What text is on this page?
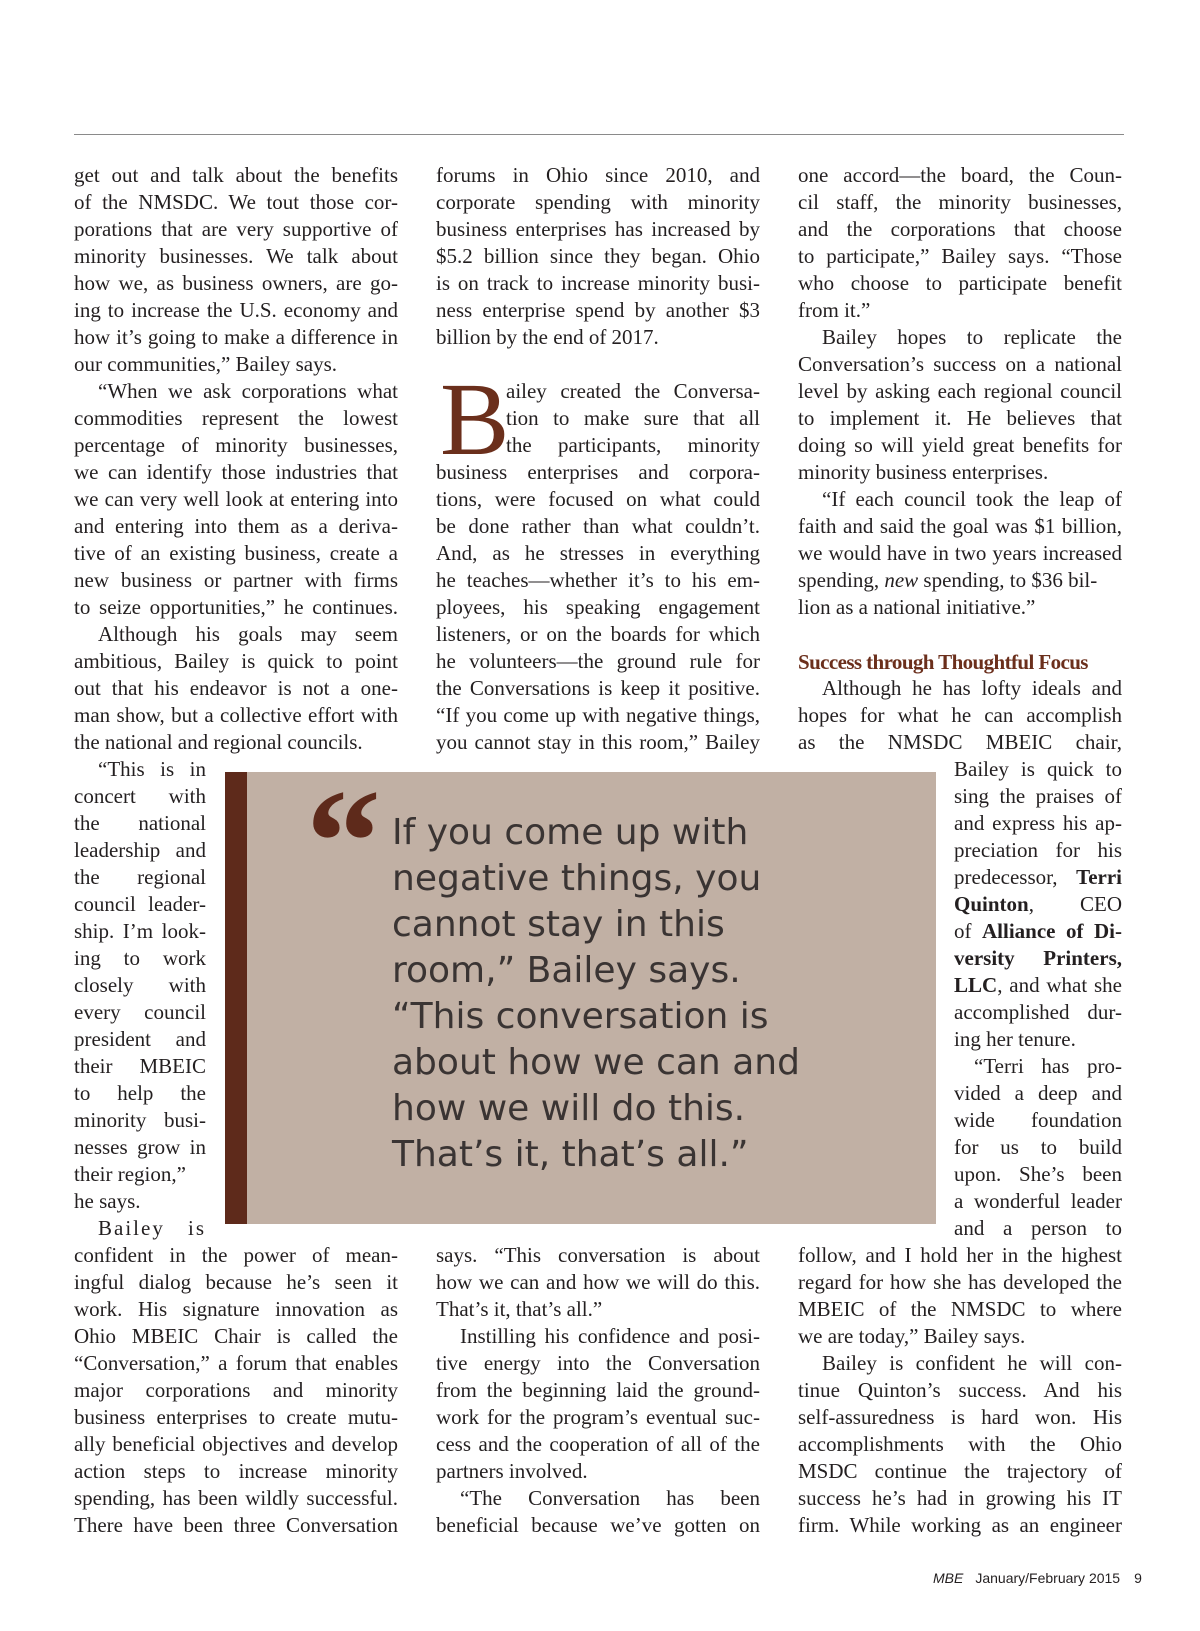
get out and talk about the benefits
of the NMSDC. We tout those cor-
porations that are very supportive of
minority businesses. We talk about
how we, as business owners, are go-
ing to increase the U.S. economy and
how it’s going to make a difference in
our communities,” Bailey says.
“When we ask corporations what
commodities represent the lowest
percentage of minority businesses,
we can identify those industries that
we can very well look at entering into
and entering into them as a deriva-
tive of an existing business, create a
new business or partner with firms
to seize opportunities,” he continues.
Although his goals may seem
ambitious, Bailey is quick to point
out that his endeavor is not a one-
man show, but a collective effort with
the national and regional councils.
“This is in
concert with
the national
leadership and
the regional
council leader-
ship. I’m look-
ing to work
closely with
every council
president and
their MBEIC
to help the
minority busi-
nesses grow in
their region,”
he says.
Bailey is
confident in the power of mean-
ingful dialog because he’s seen it
work. His signature innovation as
Ohio MBEIC Chair is called the
“Conversation,” a forum that enables
major corporations and minority
business enterprises to create mutu-
ally beneficial objectives and develop
action steps to increase minority
spending, has been wildly successful.
There have been three Conversation
forums in Ohio since 2010, and
corporate spending with minority
business enterprises has increased by
$5.2 billion since they began. Ohio
is on track to increase minority busi-
ness enterprise spend by another $3
billion by the end of 2017.
B
ailey created the Conversa-
tion to make sure that all
the participants, minority
business enterprises and corpora-
tions, were focused on what could
be done rather than what couldn’t.
And, as he stresses in everything
he teaches—whether it’s to his em-
ployees, his speaking engagement
listeners, or on the boards for which
he volunteers—the ground rule for
the Conversations is keep it positive.
“If you come up with negative things,
you cannot stay in this room,” Bailey
says. “This conversation is about
how we can and how we will do this.
That’s it, that’s all.”
Instilling his confidence and posi-
tive energy into the Conversation
from the beginning laid the ground-
work for the program’s eventual suc-
cess and the cooperation of all of the
partners involved.
“The Conversation has been
beneficial because we’ve gotten on
one accord—the board, the Coun-
cil staff, the minority businesses,
and the corporations that choose
to participate,” Bailey says. “Those
who choose to participate benefit
from it.”
Bailey hopes to replicate the
Conversation’s success on a national
level by asking each regional council
to implement it. He believes that
doing so will yield great benefits for
minority business enterprises.
“If each council took the leap of
faith and said the goal was $1 billion,
we would have in two years increased
spending, new spending, to $36 bil-
lion as a national initiative.”
Success through Thoughtful Focus
Although he has lofty ideals and
hopes for what he can accomplish
as the NMSDC MBEIC chair,
Bailey is quick to
sing the praises of
and express his ap-
preciation for his
predecessor, Terri
Quinton, CEO
of Alliance of Di-
versity Printers,
LLC, and what she
accomplished dur-
ing her tenure.
“Terri has pro-
vided a deep and
wide foundation
for us to build
upon. She’s been
a wonderful leader
and a person to
follow, and I hold her in the highest
regard for how she has developed the
MBEIC of the NMSDC to where
we are today,” Bailey says.
Bailey is confident he will con-
tinue Quinton’s success. And his
self-assuredness is hard won. His
accomplishments with the Ohio
MSDC continue the trajectory of
success he’s had in growing his IT
firm. While working as an engineer
“ If you come up with
negative things, you
cannot stay in this
room,” Bailey says.
“This conversation is
about how we can and
how we will do this.
That’s it, that’s all.”
MBE January/February 2015 9
